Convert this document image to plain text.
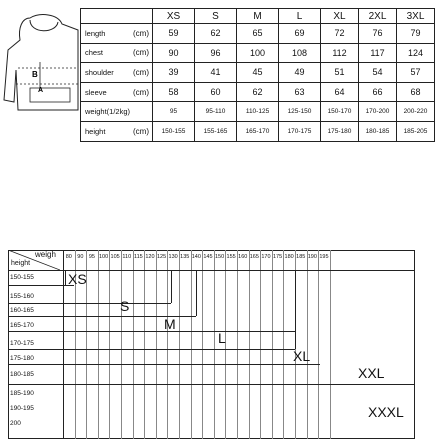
B
A
	XS	S	M	L	XL	2XL	3XL
length (cm)	59	62	65	69	72	76	79
chest (cm)	90	96	100	108	112	117	124
shoulder (cm)	39	41	45	49	51	54	57
sleeve (cm)	58	60	62	63	64	66	68
weight(1/2kg)	95	95-110	110-125	125-150	150-170	170-200	200-220
height (cm)	150-155	155-165	165-170	170-175	175-180	180-185	185-205
weigh
height
80 90 95 100 105 110 115 120 125 130 135 140 145 150 155 160 165 170 175 180 185 190 195
150-155
155-160
160-165
165-170
170-175
175-180
180-185
185-190
190-195
200
XS
S
M
L
XL
XXL
XXXL
